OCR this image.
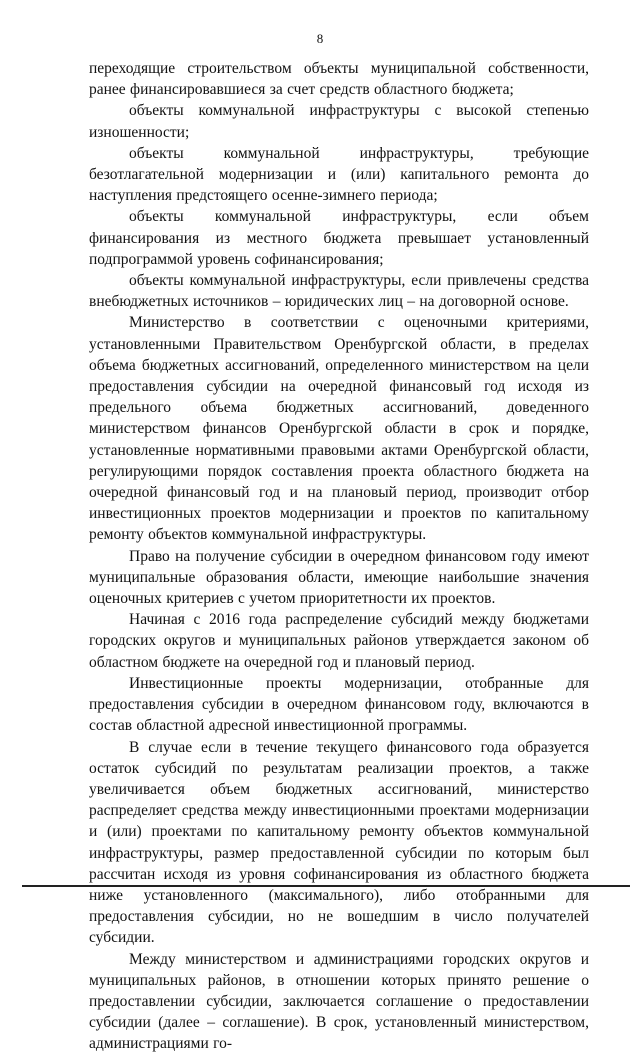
8

переходящие строительством объекты муниципальной собственности, ранее финансировавшиеся за счет средств областного бюджета;

объекты коммунальной инфраструктуры с высокой степенью изношенности;

объекты коммунальной инфраструктуры, требующие безотлагательной модернизации и (или) капитального ремонта до наступления предстоящего осенне-зимнего периода;

объекты коммунальной инфраструктуры, если объем финансирования из местного бюджета превышает установленный подпрограммой уровень софинансирования;

объекты коммунальной инфраструктуры, если привлечены средства внебюджетных источников – юридических лиц – на договорной основе.

Министерство в соответствии с оценочными критериями, установленными Правительством Оренбургской области, в пределах объема бюджетных ассигнований, определенного министерством на цели предоставления субсидии на очередной финансовый год исходя из предельного объема бюджетных ассигнований, доведенного министерством финансов Оренбургской области в срок и порядке, установленные нормативными правовыми актами Оренбургской области, регулирующими порядок составления проекта областного бюджета на очередной финансовый год и на плановый период, производит отбор инвестиционных проектов модернизации и проектов по капитальному ремонту объектов коммунальной инфраструктуры.

Право на получение субсидии в очередном финансовом году имеют муниципальные образования области, имеющие наибольшие значения оценочных критериев с учетом приоритетности их проектов.

Начиная с 2016 года распределение субсидий между бюджетами городских округов и муниципальных районов утверждается законом об областном бюджете на очередной год и плановый период.

Инвестиционные проекты модернизации, отобранные для предоставления субсидии в очередном финансовом году, включаются в состав областной адресной инвестиционной программы.

В случае если в течение текущего финансового года образуется остаток субсидий по результатам реализации проектов, а также увеличивается объем бюджетных ассигнований, министерство распределяет средства между инвестиционными проектами модернизации и (или) проектами по капитальному ремонту объектов коммунальной инфраструктуры, размер предоставленной субсидии по которым был рассчитан исходя из уровня софинансирования из областного бюджета ниже установленного (максимального), либо отобранными для предоставления субсидии, но не вошедшим в число получателей субсидии.

Между министерством и администрациями городских округов и муниципальных районов, в отношении которых принято решение о предоставлении субсидии, заключается соглашение о предоставлении субсидии (далее – соглашение). В срок, установленный министерством, администрациями го-
